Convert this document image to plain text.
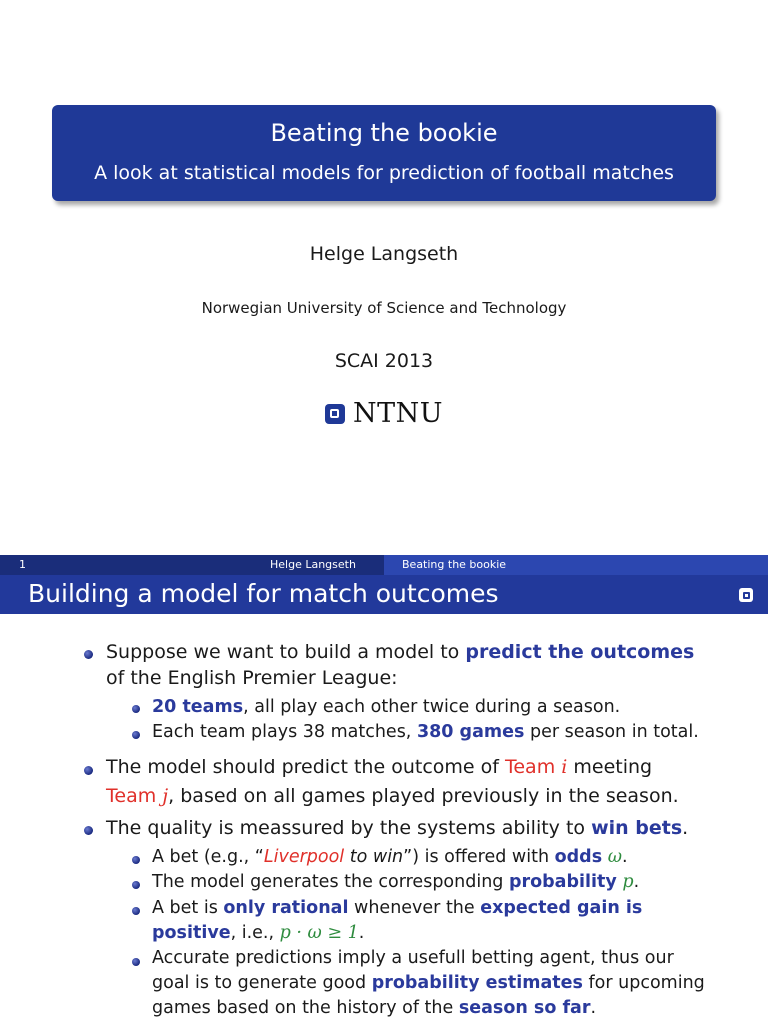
Beating the bookie
A look at statistical models for prediction of football matches
Helge Langseth
Norwegian University of Science and Technology
SCAI 2013
NTNU
1	Helge Langseth	Beating the bookie
Building a model for match outcomes
Suppose we want to build a model to predict the outcomes
of the English Premier League:
20 teams, all play each other twice during a season.
Each team plays 38 matches, 380 games per season in total.
The model should predict the outcome of Team i meeting
Team j, based on all games played previously in the season.
The quality is meassured by the systems ability to win bets.
A bet (e.g., “Liverpool to win”) is offered with odds ω.
The model generates the corresponding probability p.
A bet is only rational whenever the expected gain is
positive, i.e., p · ω ≥ 1.
Accurate predictions imply a usefull betting agent, thus our
goal is to generate good probability estimates for upcoming
games based on the history of the season so far.
